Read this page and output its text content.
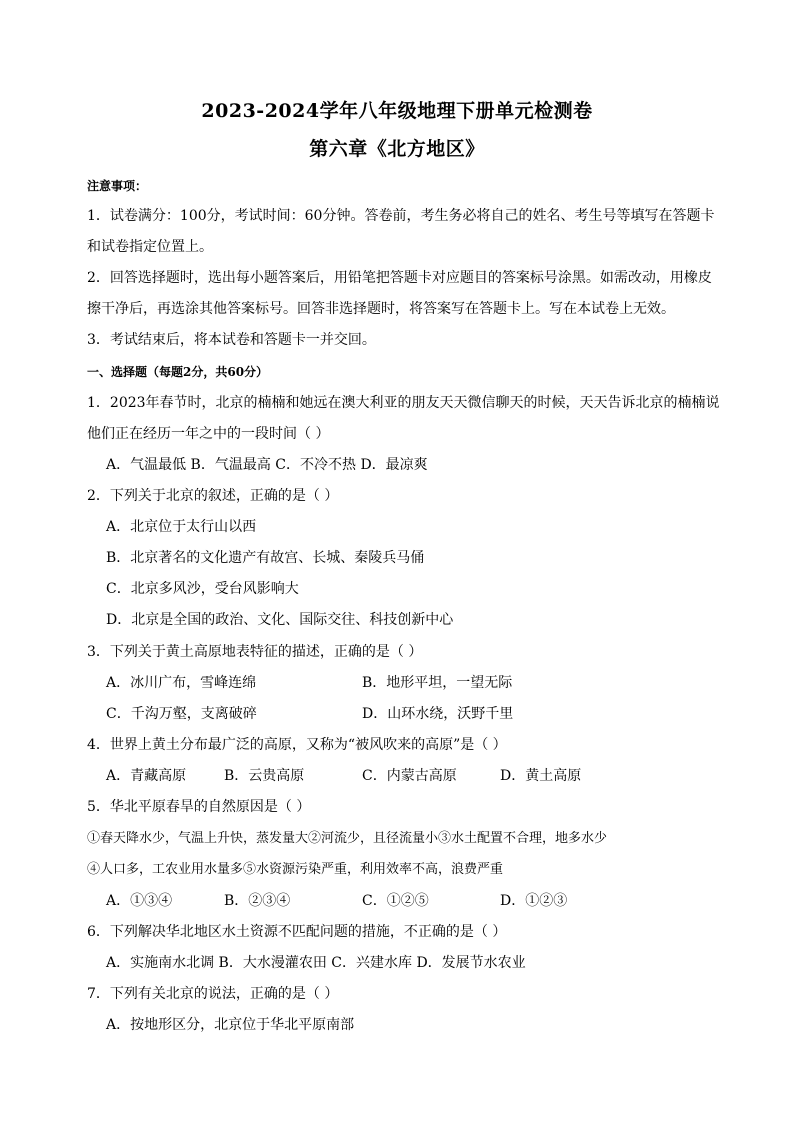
2023-2024学年八年级地理下册单元检测卷
第六章《北方地区》
注意事项：
1．试卷满分：100分，考试时间：60分钟。答卷前，考生务必将自己的姓名、考生号等填写在答题卡
和试卷指定位置上。
2．回答选择题时，选出每小题答案后，用铅笔把答题卡对应题目的答案标号涂黑。如需改动，用橡皮
擦干净后，再选涂其他答案标号。回答非选择题时，将答案写在答题卡上。写在本试卷上无效。
3．考试结束后，将本试卷和答题卡一并交回。
一、选择题（每题2分，共60分）
1．2023年春节时，北京的楠楠和她远在澳大利亚的朋友天天微信聊天的时候，天天告诉北京的楠楠说
他们正在经历一年之中的一段时间（ ）
A．气温最低 B．气温最高 C．不冷不热 D．最凉爽
2．下列关于北京的叙述，正确的是（ ）
A．北京位于太行山以西
B．北京著名的文化遗产有故宫、长城、秦陵兵马俑
C．北京多风沙，受台风影响大
D．北京是全国的政治、文化、国际交往、科技创新中心
3．下列关于黄土高原地表特征的描述，正确的是（ ）
A．冰川广布，雪峰连绵	B．地形平坦，一望无际
C．千沟万壑，支离破碎	D．山环水绕，沃野千里
4．世界上黄土分布最广泛的高原，又称为“被风吹来的高原”是（ ）
A．青藏高原	B．云贵高原	C．内蒙古高原	D．黄土高原
5．华北平原春旱的自然原因是（ ）
①春天降水少，气温上升快，蒸发量大②河流少，且径流量小③水土配置不合理，地多水少
④人口多，工农业用水量多⑤水资源污染严重，利用效率不高，浪费严重
A．①③④	B．②③④	C．①②⑤	D．①②③
6．下列解决华北地区水土资源不匹配问题的措施，不正确的是（ ）
A．实施南水北调 B．大水漫灌农田 C．兴建水库 D．发展节水农业
7．下列有关北京的说法，正确的是（ ）
A．按地形区分，北京位于华北平原南部
